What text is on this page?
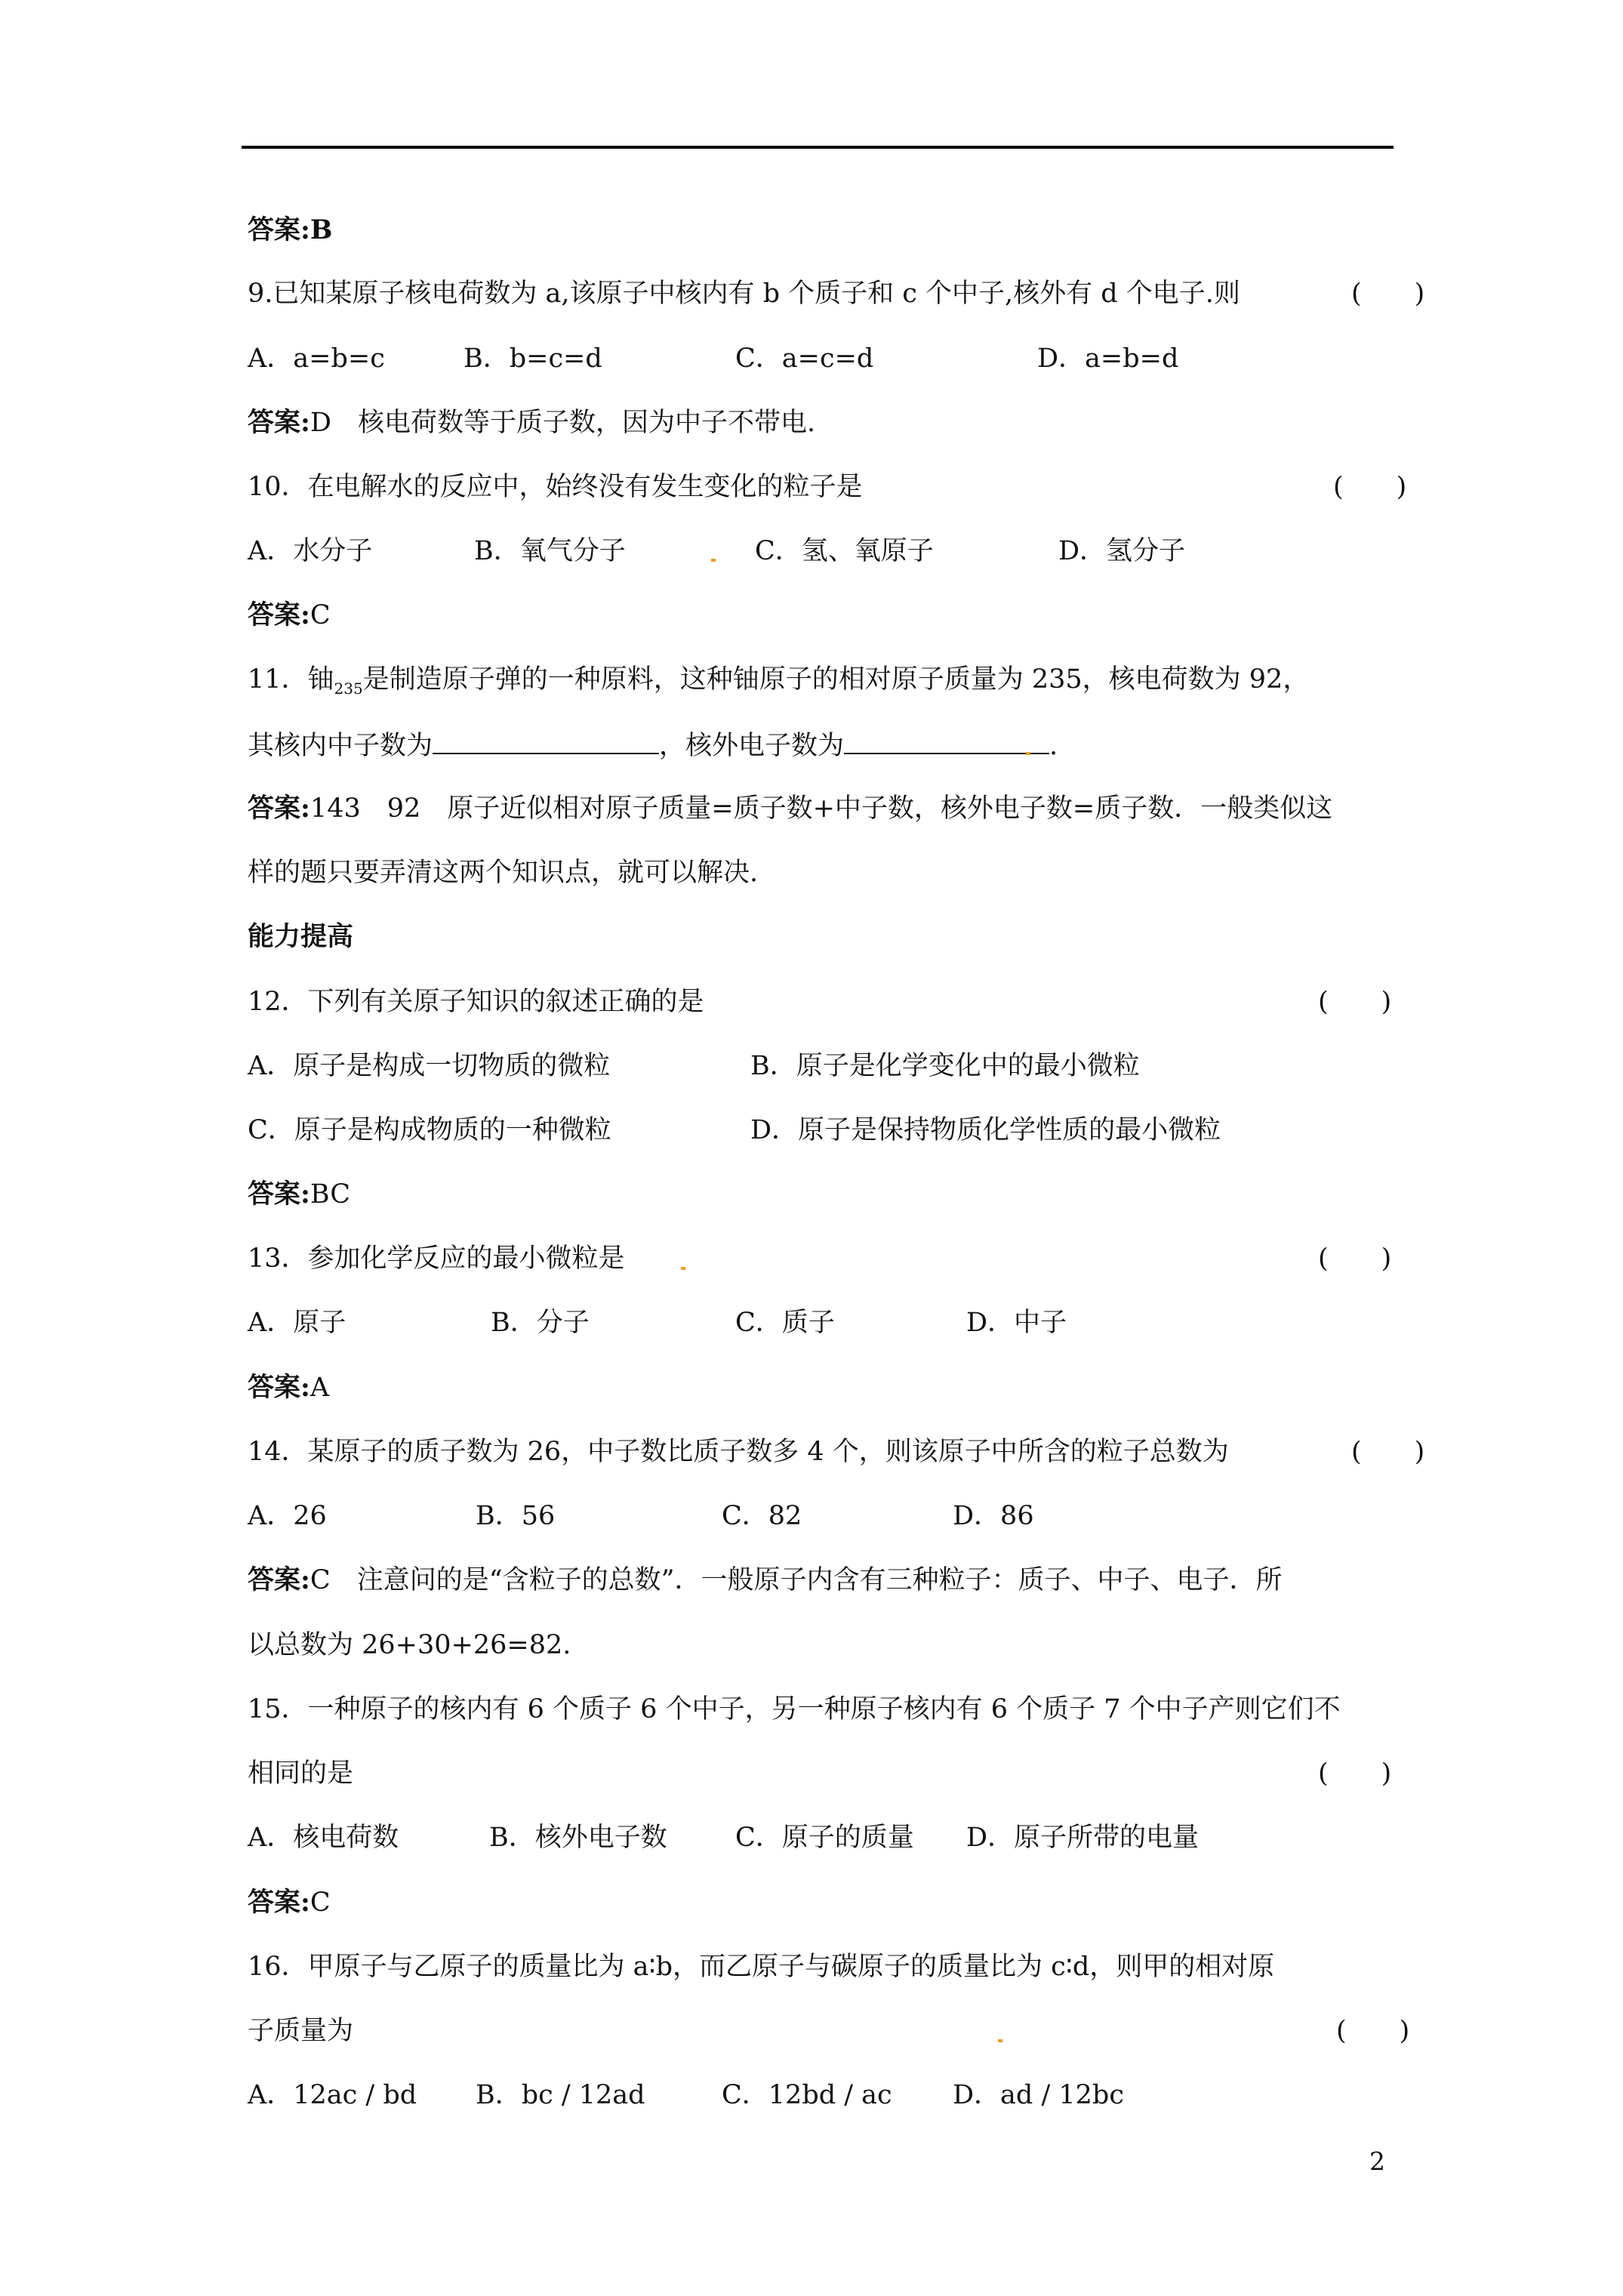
答案:B
9.已知某原子核电荷数为 a,该原子中核内有 b 个质子和 c 个中子,核外有 d 个电子.则	(　　)
A．a=b=c	B．b=c=d	C．a=c=d	D．a=b=d
答案:D　核电荷数等于质子数，因为中子不带电.
10．在电解水的反应中，始终没有发生变化的粒子是	(　　)
A．水分子	B．氧气分子	C．氢、氧原子	D．氢分子
答案:C
11．铀$_{235}$是制造原子弹的一种原料，这种铀原子的相对原子质量为 235，核电荷数为 92，
其核内中子数为	，核外电子数为	.
答案:143　92　原子近似相对原子质量=质子数+中子数，核外电子数=质子数．一般类似这
样的题只要弄清这两个知识点，就可以解决.
能力提高
12．下列有关原子知识的叙述正确的是	(　　)
A．原子是构成一切物质的微粒	B．原子是化学变化中的最小微粒
C．原子是构成物质的一种微粒	D．原子是保持物质化学性质的最小微粒
答案:BC
13．参加化学反应的最小微粒是	(　　)
A．原子	B．分子	C．质子	D．中子
答案:A
14．某原子的质子数为 26，中子数比质子数多 4 个，则该原子中所含的粒子总数为	(　　)
A．26	B．56	C．82	D．86
答案:C　注意问的是“含粒子的总数”．一般原子内含有三种粒子：质子、中子、电子．所
以总数为 26+30+26=82.
15．一种原子的核内有 6 个质子 6 个中子，另一种原子核内有 6 个质子 7 个中子产则它们不
相同的是	(　　)
A．核电荷数	B．核外电子数	C．原子的质量 D．原子所带的电量
答案:C
16．甲原子与乙原子的质量比为 a∶b，而乙原子与碳原子的质量比为 c∶d，则甲的相对原
子质量为	(　　)
A．12ac / bd B．bc / 12ad	C．12bd / ac D．ad / 12bc
2
